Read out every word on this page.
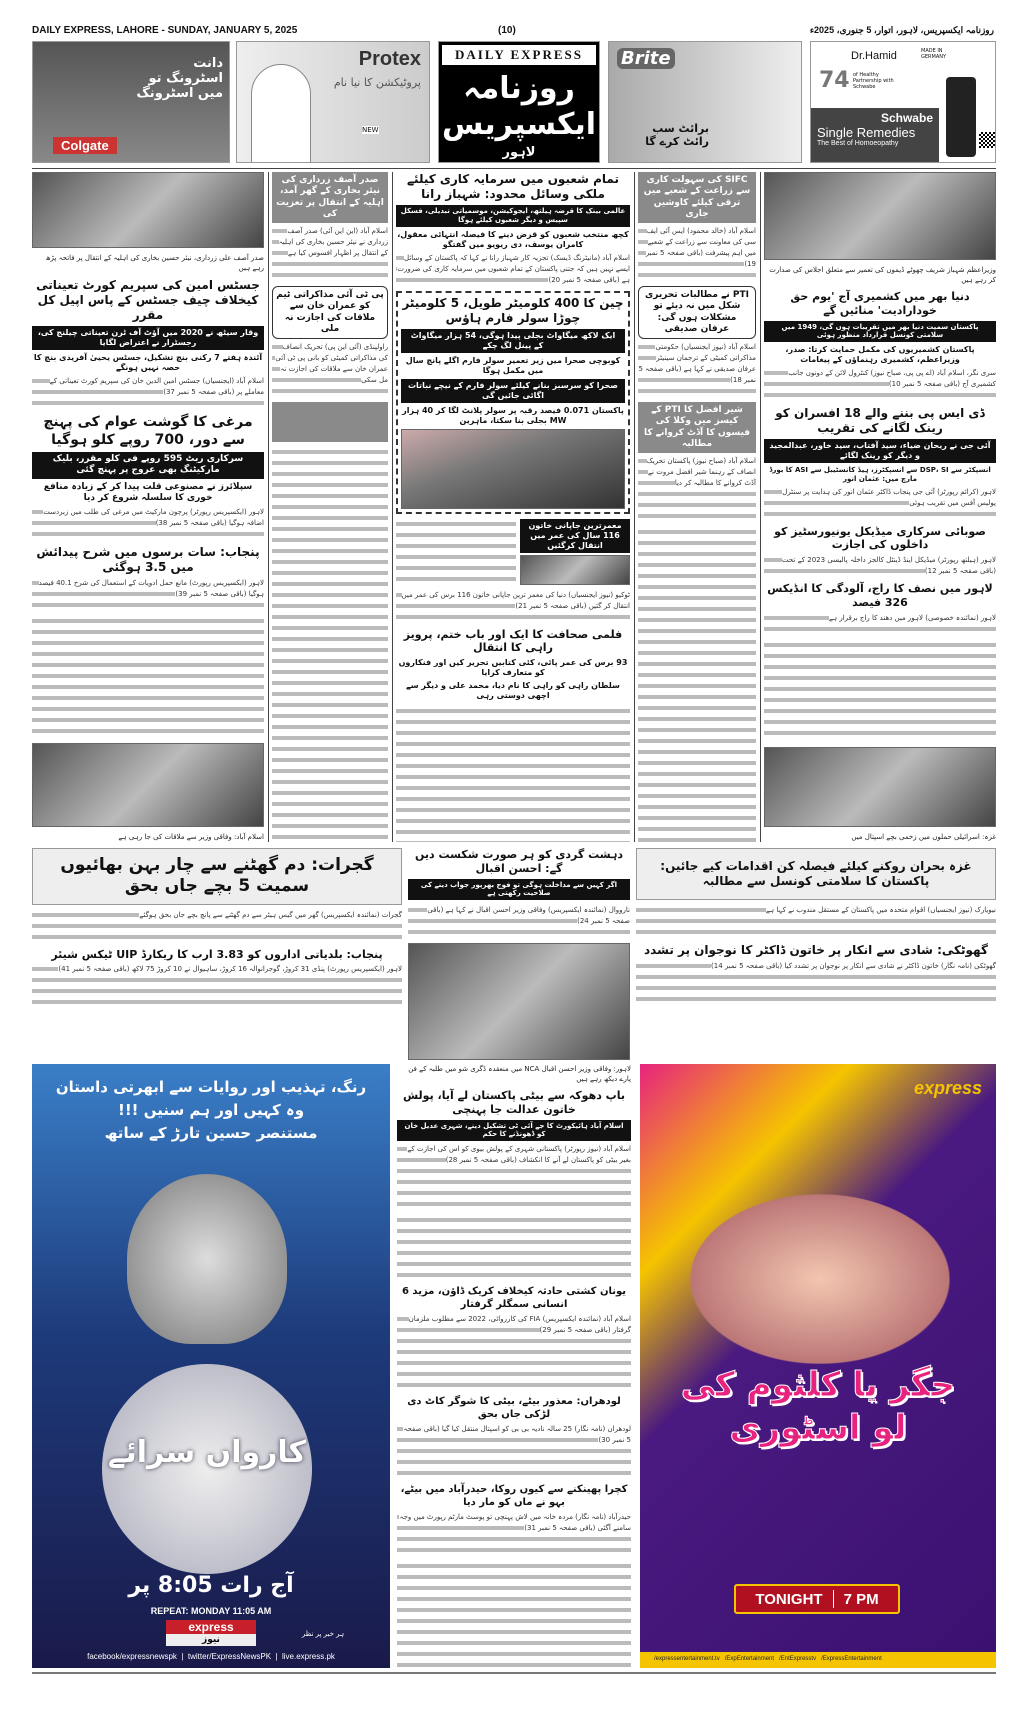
DAILY EXPRESS, LAHORE - SUNDAY, JANUARY 5, 2025	(10)	روزنامہ ایکسپریس، لاہور، اتوار، 5 جنوری، 2025ء
دانت اسٹرونگ تو میں اسٹرونگ
Colgate
Protex
پروٹیکشن کا نیا نام
NEW
DAILY EXPRESS
روزنامہ ایکسپریس
لاہور
Brite
برائٹ سب رائٹ کرے گا
Dr.Hamid	MADE IN GERMANY
74 of Healthy Partnership with Schwabe
Schwabe
Single Remedies
The Best of Homoeopathy
صدر آصف علی زرداری، نیئر حسین بخاری کی اہلیہ کے انتقال پر فاتحہ پڑھ رہے ہیں
جسٹس امین کی سپریم کورٹ تعیناتی کیخلاف چیف جسٹس کے پاس اپیل کل مقرر
وقار سیٹھ نے 2020 میں آؤٹ آف ٹرن تعیناتی چیلنج کی، رجسٹرار نے اعتراض لگایا
آئندہ ہفتے 7 رکنی بنچ تشکیل، جسٹس یحییٰ آفریدی بنچ کا حصہ نہیں ہونگے
اسلام آباد (ایجنسیاں) جسٹس امین الدین خان کی سپریم کورٹ تعیناتی کے معاملے پر (باقی صفحہ 5 نمبر 37)
مرغی کا گوشت عوام کی پہنچ سے دور، 700 روپے کلو ہوگیا
سرکاری ریٹ 595 روپے فی کلو مقرر، بلیک مارکیٹنگ بھی عروج پر پہنچ گئی
سپلائرز نے مصنوعی قلت پیدا کر کے زیادہ منافع خوری کا سلسلہ شروع کر دیا
لاہور (ایکسپریس رپورٹر) پرچون مارکیٹ میں مرغی کی طلب میں زبردست اضافہ ہوگیا (باقی صفحہ 5 نمبر 38)
پنجاب: سات برسوں میں شرح پیدائش میں 3.5 ہوگئی
لاہور (ایکسپریس رپورٹ) مانع حمل ادویات کے استعمال کی شرح 40.1 فیصد ہوگیا (باقی صفحہ 5 نمبر 39)
اسلام آباد: وفاقی وزیر سے ملاقات کی جا رہی ہے
صدر آصف زرداری کی نیئر بخاری کے گھر آمد، اہلیہ کے انتقال پر تعزیت کی
اسلام آباد (این این آئی) صدر آصف زرداری نے نیئر حسین بخاری کی اہلیہ کے انتقال پر اظہار افسوس کیا ہے
پی ٹی آئی مذاکراتی ٹیم کو عمران خان سے ملاقات کی اجازت نہ ملی
راولپنڈی (آئی این پی) تحریک انصاف کی مذاکراتی کمیٹی کو بانی پی ٹی آئی عمران خان سے ملاقات کی اجازت نہ مل سکی
تمام شعبوں میں سرمایہ کاری کیلئے ملکی وسائل محدود: شہباز رانا
عالمی بینک کا قرضہ ہیلتھ، ایجوکیشن، موسمیاتی تبدیلی، فسکل سپیس و دیگر شعبوں کیلئے ہوگا
کچھ منتخب شعبوں کو قرض دینے کا فیصلہ انتہائی معقول، کامران یوسف، دی ریویو میں گفتگو
اسلام آباد (مانیٹرنگ ڈیسک) تجزیہ کار شہباز رانا نے کہا کہ پاکستان کے وسائل ایسے نہیں ہیں کہ جتنی پاکستان کے تمام شعبوں میں سرمایہ کاری کی ضرورت ہے (باقی صفحہ 5 نمبر 20)
چین کا 400 کلومیٹر طویل، 5 کلومیٹر چوڑا سولر فارم ہاؤس
ایک لاکھ میگاواٹ بجلی پیدا ہوگی، 54 ہزار میگاواٹ کے پینل لگ چکے
کوبوچی صحرا میں زیر تعمیر سولر فارم اگلے پانچ سال میں مکمل ہوگا
صحرا کو سرسبز بنانے کیلئے سولر فارم کے نیچے نباتات اگائی جائیں گی
پاکستان 0.071 فیصد رقبہ پر سولر پلانٹ لگا کر 40 ہزار MW بجلی بنا سکتا، ماہرین
معمرترین جاپانی خاتون 116 سال کی عمر میں انتقال کرگئیں
ٹوکیو (نیوز ایجنسیاں) دنیا کی معمر ترین جاپانی خاتون 116 برس کی عمر میں انتقال کر گئیں (باقی صفحہ 5 نمبر 21)
فلمی صحافت کا ایک اور باب ختم، پرویز راہی کا انتقال
93 برس کی عمر پائی، کئی کتابیں تحریر کیں اور فنکاروں کو متعارف کرایا
سلطان راہی کو راہی کا نام دیا، محمد علی و دیگر سے اچھی دوستی رہی
SIFC کی سہولت کاری سے زراعت کے شعبے میں ترقی کیلئے کاوشیں جاری
اسلام آباد (خالد محمود) ایس آئی ایف سی کی معاونت سے زراعت کے شعبے میں اہم پیشرفت (باقی صفحہ 5 نمبر 19)
PTI نے مطالبات تحریری شکل میں نہ دیئے تو مشکلات ہوں گی: عرفان صدیقی
اسلام آباد (نیوز ایجنسیاں) حکومتی مذاکراتی کمیٹی کے ترجمان سینیٹر عرفان صدیقی نے کہا ہے (باقی صفحہ 5 نمبر 18)
شیر افضل کا PTI کے کیسز میں وکلا کی فیسوں کا آڈٹ کروانے کا مطالبہ
اسلام آباد (صباح نیوز) پاکستان تحریک انصاف کے رہنما شیر افضل مروت نے آڈٹ کروانے کا مطالبہ کر دیا
وزیراعظم شہباز شریف چھوٹے ڈیموں کی تعمیر سے متعلق اجلاس کی صدارت کر رہے ہیں
دنیا بھر میں کشمیری آج 'یوم حق خودارادیت' منائیں گے
پاکستان سمیت دنیا بھر میں تقریبات ہوں گی، 1949 میں سلامتی کونسل قرارداد منظور ہوئی
پاکستان کشمیریوں کی مکمل حمایت کرتا: صدر، وزیراعظم، کشمیری رہنماؤں کے پیغامات
سری نگر، اسلام آباد (اے پی پی، صباح نیوز) کنٹرول لائن کے دونوں جانب کشمیری آج (باقی صفحہ 5 نمبر 10)
ڈی ایس پی بننے والے 18 افسران کو رینک لگانے کی تقریب
آئی جی نے ریحان ضیاء، سید آفتاب، سید خاور، عبدالمجید و دیگر کو رینک لگائے
انسپکٹر سے DSP، SI سے انسپکٹرز، ہیڈ کانسٹیبل سے ASI کا بورڈ مارچ میں: عثمان انور
لاہور (کرائم رپورٹر) آئی جی پنجاب ڈاکٹر عثمان انور کی ہدایت پر سنٹرل پولیس آفس میں تقریب ہوئی
صوبائی سرکاری میڈیکل یونیورسٹیز کو داخلوں کی اجازت
لاہور (ہیلتھ رپورٹر) میڈیکل اینڈ ڈینٹل کالجز داخلہ پالیسی 2023 کے تحت (باقی صفحہ 5 نمبر 12)
لاہور میں نصف کا راج، آلودگی کا انڈیکس 326 فیصد
لاہور (نمائندہ خصوصی) لاہور میں دھند کا راج برقرار ہے
غزہ: اسرائیلی حملوں میں زخمی بچے اسپتال میں
گجرات: دم گھٹنے سے چار بہن بھائیوں سمیت 5 بچے جاں بحق
گجرات (نمائندہ ایکسپریس) گھر میں گیس ہیٹر سے دم گھٹنے سے پانچ بچے جاں بحق ہوگئے
پنجاب: بلدیاتی اداروں کو 3.83 ارب کا ریکارڈ UIP ٹیکس شیئر
لاہور (ایکسپریس رپورٹ) پنڈی 31 کروڑ، گوجرانوالہ 16 کروڑ، ساہیوال نے 10 کروڑ 75 لاکھ (باقی صفحہ 5 نمبر 41)
دہشت گردی کو ہر صورت شکست دیں گے: احسن اقبال
اگر کہیں سے مداخلت ہوگی تو فوج بھرپور جواب دینے کی صلاحیت رکھتی ہے
نارووال (نمائندہ ایکسپریس) وفاقی وزیر احسن اقبال نے کہا ہے (باقی صفحہ 5 نمبر 24)
غزہ بحران روکنے کیلئے فیصلہ کن اقدامات کیے جائیں: پاکستان کا سلامتی کونسل سے مطالبہ
نیویارک (نیوز ایجنسیاں) اقوام متحدہ میں پاکستان کے مستقل مندوب نے کہا ہے
گھوٹکی: شادی سے انکار پر خاتون ڈاکٹر کا نوجوان پر تشدد
گھوٹکی (نامہ نگار) خاتون ڈاکٹر نے شادی سے انکار پر نوجوان پر تشدد کیا (باقی صفحہ 5 نمبر 14)
رنگ، تہذیب اور روایات سے ابھرتی داستان
وہ کہیں اور ہم سنیں !!!
مستنصر حسین تارڑ کے ساتھ
کارواں سرائے
آج رات 8:05 پر
REPEAT: MONDAY 11:05 AM
express
نیوز
ہر خبر پر نظر
facebook/expressnewspk  |  twitter/ExpressNewsPK  |  live.express.pk
لاہور: وفاقی وزیر احسن اقبال NCA میں منعقدہ ڈگری شو میں طلبہ کے فن پارے دیکھ رہے ہیں
باپ دھوکہ سے بیٹی پاکستان لے آیا، پولش خاتون عدالت جا پہنچی
اسلام آباد ہائیکورٹ کا جے آئی ٹی تشکیل دینے، شہری عدیل خان کو ڈھونڈنے کا حکم
اسلام آباد (نیوز رپورٹر) پاکستانی شہری کے پولش بیوی کو اس کی اجازت کے بغیر بیٹی کو پاکستان لے آنے کا انکشاف (باقی صفحہ 5 نمبر 28)
یونان کشتی حادثہ کیخلاف کریک ڈاؤن، مزید 6 انسانی سمگلر گرفتار
اسلام آباد (نمائندہ ایکسپریس) FIA کی کارروائی، 2022 سے مطلوب ملزمان گرفتار (باقی صفحہ 5 نمبر 29)
لودھراں: معذور بیٹے، بیٹی کا شوگر کاٹ دی لڑکی جاں بحق
لودھراں (نامہ نگار) 25 سالہ نادیہ بی بی کو اسپتال منتقل کیا گیا (باقی صفحہ 5 نمبر 30)
کچرا پھینکنے سے کیوں روکا، حیدرآباد میں بیٹے، بہو نے ماں کو مار دیا
حیدرآباد (نامہ نگار) مردہ خانہ میں لاش پہنچی تو پوسٹ مارٹم رپورٹ میں وجہ سامنے آگئی (باقی صفحہ 5 نمبر 31)
express
جگر یا کلثوم کی لو اسٹوری
TONIGHT 7 PM
/expressentertainment.tv   /ExpEntertainment   /EntExpresstv   /ExpressEntertainment
